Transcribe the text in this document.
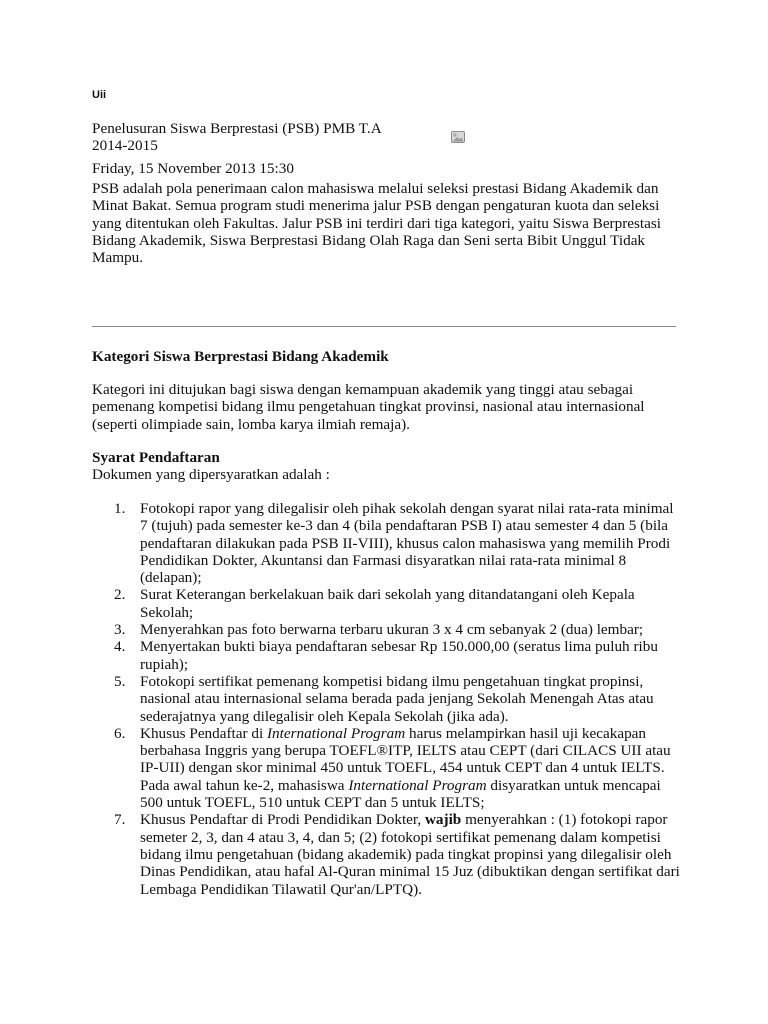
Uii
Penelusuran Siswa Berprestasi (PSB) PMB T.A 2014-2015
Friday, 15 November 2013 15:30
PSB adalah pola penerimaan calon mahasiswa melalui seleksi prestasi Bidang Akademik dan Minat Bakat. Semua program studi menerima jalur PSB dengan pengaturan kuota dan seleksi yang ditentukan oleh Fakultas. Jalur PSB ini terdiri dari tiga kategori, yaitu Siswa Berprestasi Bidang Akademik, Siswa Berprestasi Bidang Olah Raga dan Seni serta Bibit Unggul Tidak Mampu.
Kategori Siswa Berprestasi Bidang Akademik
Kategori ini ditujukan bagi siswa dengan kemampuan akademik yang tinggi atau sebagai pemenang kompetisi bidang ilmu pengetahuan tingkat provinsi, nasional atau internasional (seperti olimpiade sain, lomba karya ilmiah remaja).
Syarat Pendaftaran
Dokumen yang dipersyaratkan adalah :
1. Fotokopi rapor yang dilegalisir oleh pihak sekolah dengan syarat nilai rata-rata minimal 7 (tujuh) pada semester ke-3 dan 4 (bila pendaftaran PSB I) atau semester 4 dan 5 (bila pendaftaran dilakukan pada PSB II-VIII), khusus calon mahasiswa yang memilih Prodi Pendidikan Dokter, Akuntansi dan Farmasi disyaratkan nilai rata-rata minimal 8 (delapan);
2. Surat Keterangan berkelakuan baik dari sekolah yang ditandatangani oleh Kepala Sekolah;
3. Menyerahkan pas foto berwarna terbaru ukuran 3 x 4 cm sebanyak 2 (dua) lembar;
4. Menyertakan bukti biaya pendaftaran sebesar Rp 150.000,00 (seratus lima puluh ribu rupiah);
5. Fotokopi sertifikat pemenang kompetisi bidang ilmu pengetahuan tingkat propinsi, nasional atau internasional selama berada pada jenjang Sekolah Menengah Atas atau sederajatnya yang dilegalisir oleh Kepala Sekolah (jika ada).
6. Khusus Pendaftar di International Program harus melampirkan hasil uji kecakapan berbahasa Inggris yang berupa TOEFL®ITP, IELTS atau CEPT (dari CILACS UII atau IP-UII) dengan skor minimal 450 untuk TOEFL, 454 untuk CEPT dan 4 untuk IELTS. Pada awal tahun ke-2, mahasiswa International Program disyaratkan untuk mencapai 500 untuk TOEFL, 510 untuk CEPT dan 5 untuk IELTS;
7. Khusus Pendaftar di Prodi Pendidikan Dokter, wajib menyerahkan : (1) fotokopi rapor semeter 2, 3, dan 4 atau 3, 4, dan 5; (2) fotokopi sertifikat pemenang dalam kompetisi bidang ilmu pengetahuan (bidang akademik) pada tingkat propinsi yang dilegalisir oleh Dinas Pendidikan, atau hafal Al-Quran minimal 15 Juz (dibuktikan dengan sertifikat dari Lembaga Pendidikan Tilawatil Qur'an/LPTQ).
